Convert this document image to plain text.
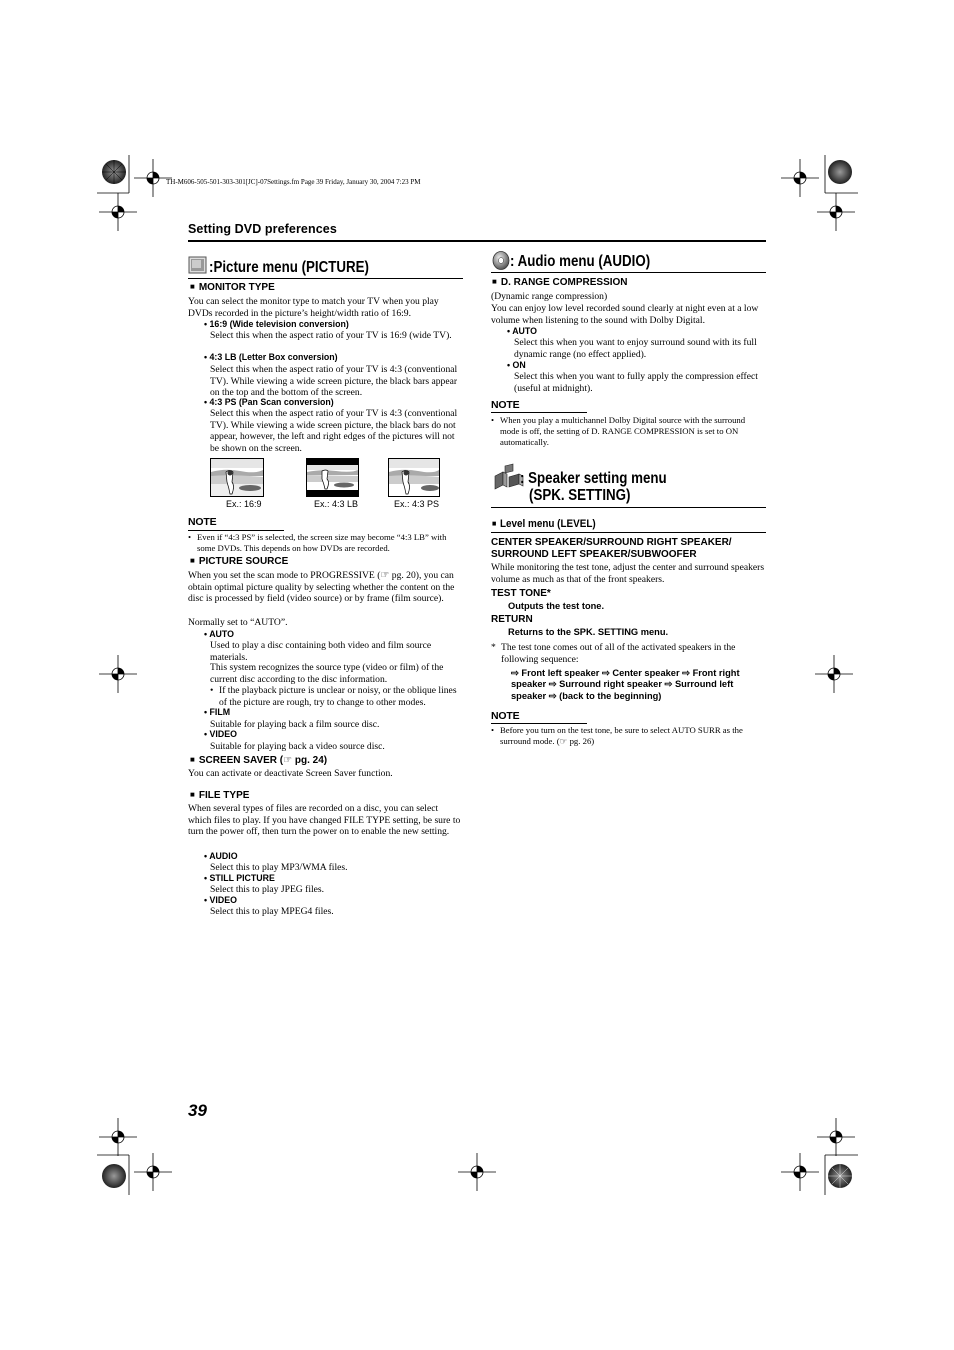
TH-M606-505-501-303-301[JC]-07Settings.fm Page 39 Friday, January 30, 2004 7:23 PM
Setting DVD preferences
:Picture menu (PICTURE)
■ MONITOR TYPE
You can select the monitor type to match your TV when you play DVDs recorded in the picture’s height/width ratio of 16:9.
• 16:9 (Wide television conversion)
Select this when the aspect ratio of your TV is 16:9 (wide TV).
• 4:3 LB (Letter Box conversion)
Select this when the aspect ratio of your TV is 4:3 (conventional TV). While viewing a wide screen picture, the black bars appear on the top and the bottom of the screen.
• 4:3 PS (Pan Scan conversion)
Select this when the aspect ratio of your TV is 4:3 (conventional TV). While viewing a wide screen picture, the black bars do not appear, however, the left and right edges of the pictures will not be shown on the screen.
Ex.: 16:9	Ex.: 4:3 LB	Ex.: 4:3 PS
NOTE
• Even if “4:3 PS” is selected, the screen size may become “4:3 LB” with some DVDs. This depends on how DVDs are recorded.
■ PICTURE SOURCE
When you set the scan mode to PROGRESSIVE (☞ pg. 20), you can obtain optimal picture quality by selecting whether the content on the disc is processed by field (video source) or by frame (film source).
Normally set to “AUTO”.
• AUTO
Used to play a disc containing both video and film source materials.
This system recognizes the source type (video or film) of the current disc according to the disc information.
• If the playback picture is unclear or noisy, or the oblique lines of the picture are rough, try to change to other modes.
• FILM
Suitable for playing back a film source disc.
• VIDEO
Suitable for playing back a video source disc.
■ SCREEN SAVER (☞ pg. 24)
You can activate or deactivate Screen Saver function.
■ FILE TYPE
When several types of files are recorded on a disc, you can select which files to play. If you have changed FILE TYPE setting, be sure to turn the power off, then turn the power on to enable the new setting.
• AUDIO
Select this to play MP3/WMA files.
• STILL PICTURE
Select this to play JPEG files.
• VIDEO
Select this to play MPEG4 files.
: Audio menu (AUDIO)
■ D. RANGE COMPRESSION
(Dynamic range compression)
You can enjoy low level recorded sound clearly at night even at a low volume when listening to the sound with Dolby Digital.
• AUTO
Select this when you want to enjoy surround sound with its full dynamic range (no effect applied).
• ON
Select this when you want to fully apply the compression effect (useful at midnight).
NOTE
• When you play a multichannel Dolby Digital source with the surround mode is off, the setting of D. RANGE COMPRESSION is set to ON automatically.
: Speaker setting menu
(SPK. SETTING)
■ Level menu (LEVEL)
CENTER SPEAKER/SURROUND RIGHT SPEAKER/
SURROUND LEFT SPEAKER/SUBWOOFER
While monitoring the test tone, adjust the center and surround speakers volume as much as that of the front speakers.
TEST TONE*
Outputs the test tone.
RETURN
Returns to the SPK. SETTING menu.
* The test tone comes out of all of the activated speakers in the following sequence:
⇨ Front left speaker ⇨ Center speaker ⇨ Front right speaker ⇨ Surround right speaker ⇨ Surround left speaker ⇨ (back to the beginning)
NOTE
• Before you turn on the test tone, be sure to select AUTO SURR as the surround mode. (☞ pg. 26)
39
